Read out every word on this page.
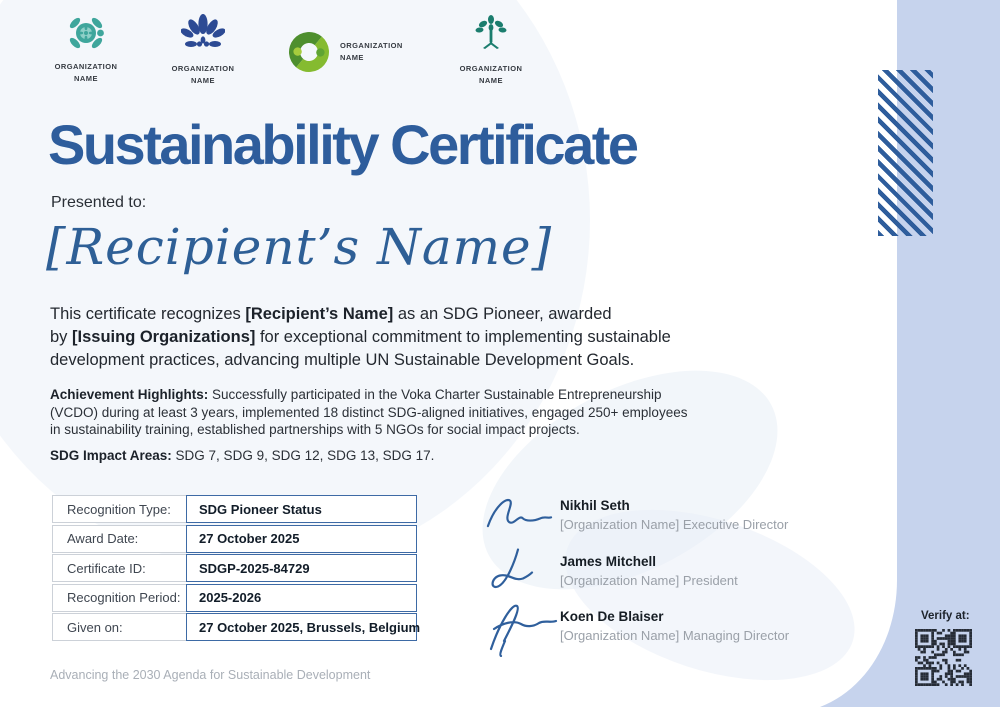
ORGANIZATION NAME
ORGANIZATION NAME
ORGANIZATION NAME
ORGANIZATION NAME
Sustainability Certificate
Presented to:
[Recipient’s Name]
This certificate recognizes [Recipient’s Name] as an SDG Pioneer, awarded
by [Issuing Organizations] for exceptional commitment to implementing sustainable development practices, advancing multiple UN Sustainable Development Goals.
Achievement Highlights: Successfully participated in the Voka Charter Sustainable Entrepreneurship (VCDO) during at least 3 years, implemented 18 distinct SDG-aligned initiatives, engaged 250+ employees in sustainability training, established partnerships with 5 NGOs for social impact projects.
SDG Impact Areas: SDG 7, SDG 9, SDG 12, SDG 13, SDG 17.
Recognition Type:	SDG Pioneer Status
Award Date:	27 October 2025
Certificate ID:	SDGP-2025-84729
Recognition Period:	2025-2026
Given on:	27 October 2025, Brussels, Belgium
Nikhil Seth
[Organization Name] Executive Director
James Mitchell
[Organization Name] President
Koen De Blaiser
[Organization Name] Managing Director
Verify at:
Advancing the 2030 Agenda for Sustainable Development
